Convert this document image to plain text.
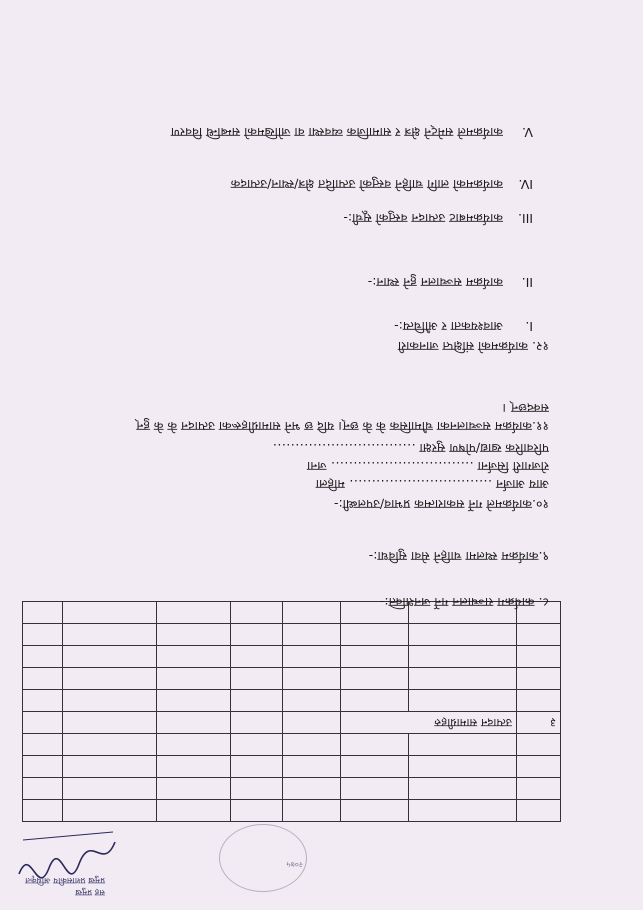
२०७५
सह प्रमुख
प्रमुख प्रशासकीय अधिकृत

३	उत्पादन सामाग्रीहरु						

८. कार्यक्रम सञ्चालन गर्ने जनशक्ति:-
९.कार्यक्रम स्थलमा चाहिने सेवा सुविधा:-
१०.कार्यक्रमले गर्ने सकारात्मक प्रभाव/उपलब्धी:-
आय आर्जन ................................ महिला
रोजगारी सिर्जना ................................ जना
परिवारिक खाद्य/पोषण सुरक्षा ................................
११.कार्यक्रम सञ्चालनका चौमासिक के के छन्। यदि छ भने सामाग्रीहरूका उत्पादन के के हुन्
सक्दछन् ।
१२. कार्यक्रमको संक्षिप्त जानकारी
I. आवश्यकता र औचित्य:-
II. कार्यक्रम सञ्चालन हुने स्थान:-
III. कार्यक्रमबाट उत्पादन वस्तुको सूची:-
IV. कार्यक्रमको लागि चाहिने वस्तुको उत्पादित क्षेत्र/स्थान/उत्पादक
V. कार्यक्रमले समेट्ने क्षेत्र र सामाजिक व्यवस्था वा जोखिमको सम्बन्धि विवरण
